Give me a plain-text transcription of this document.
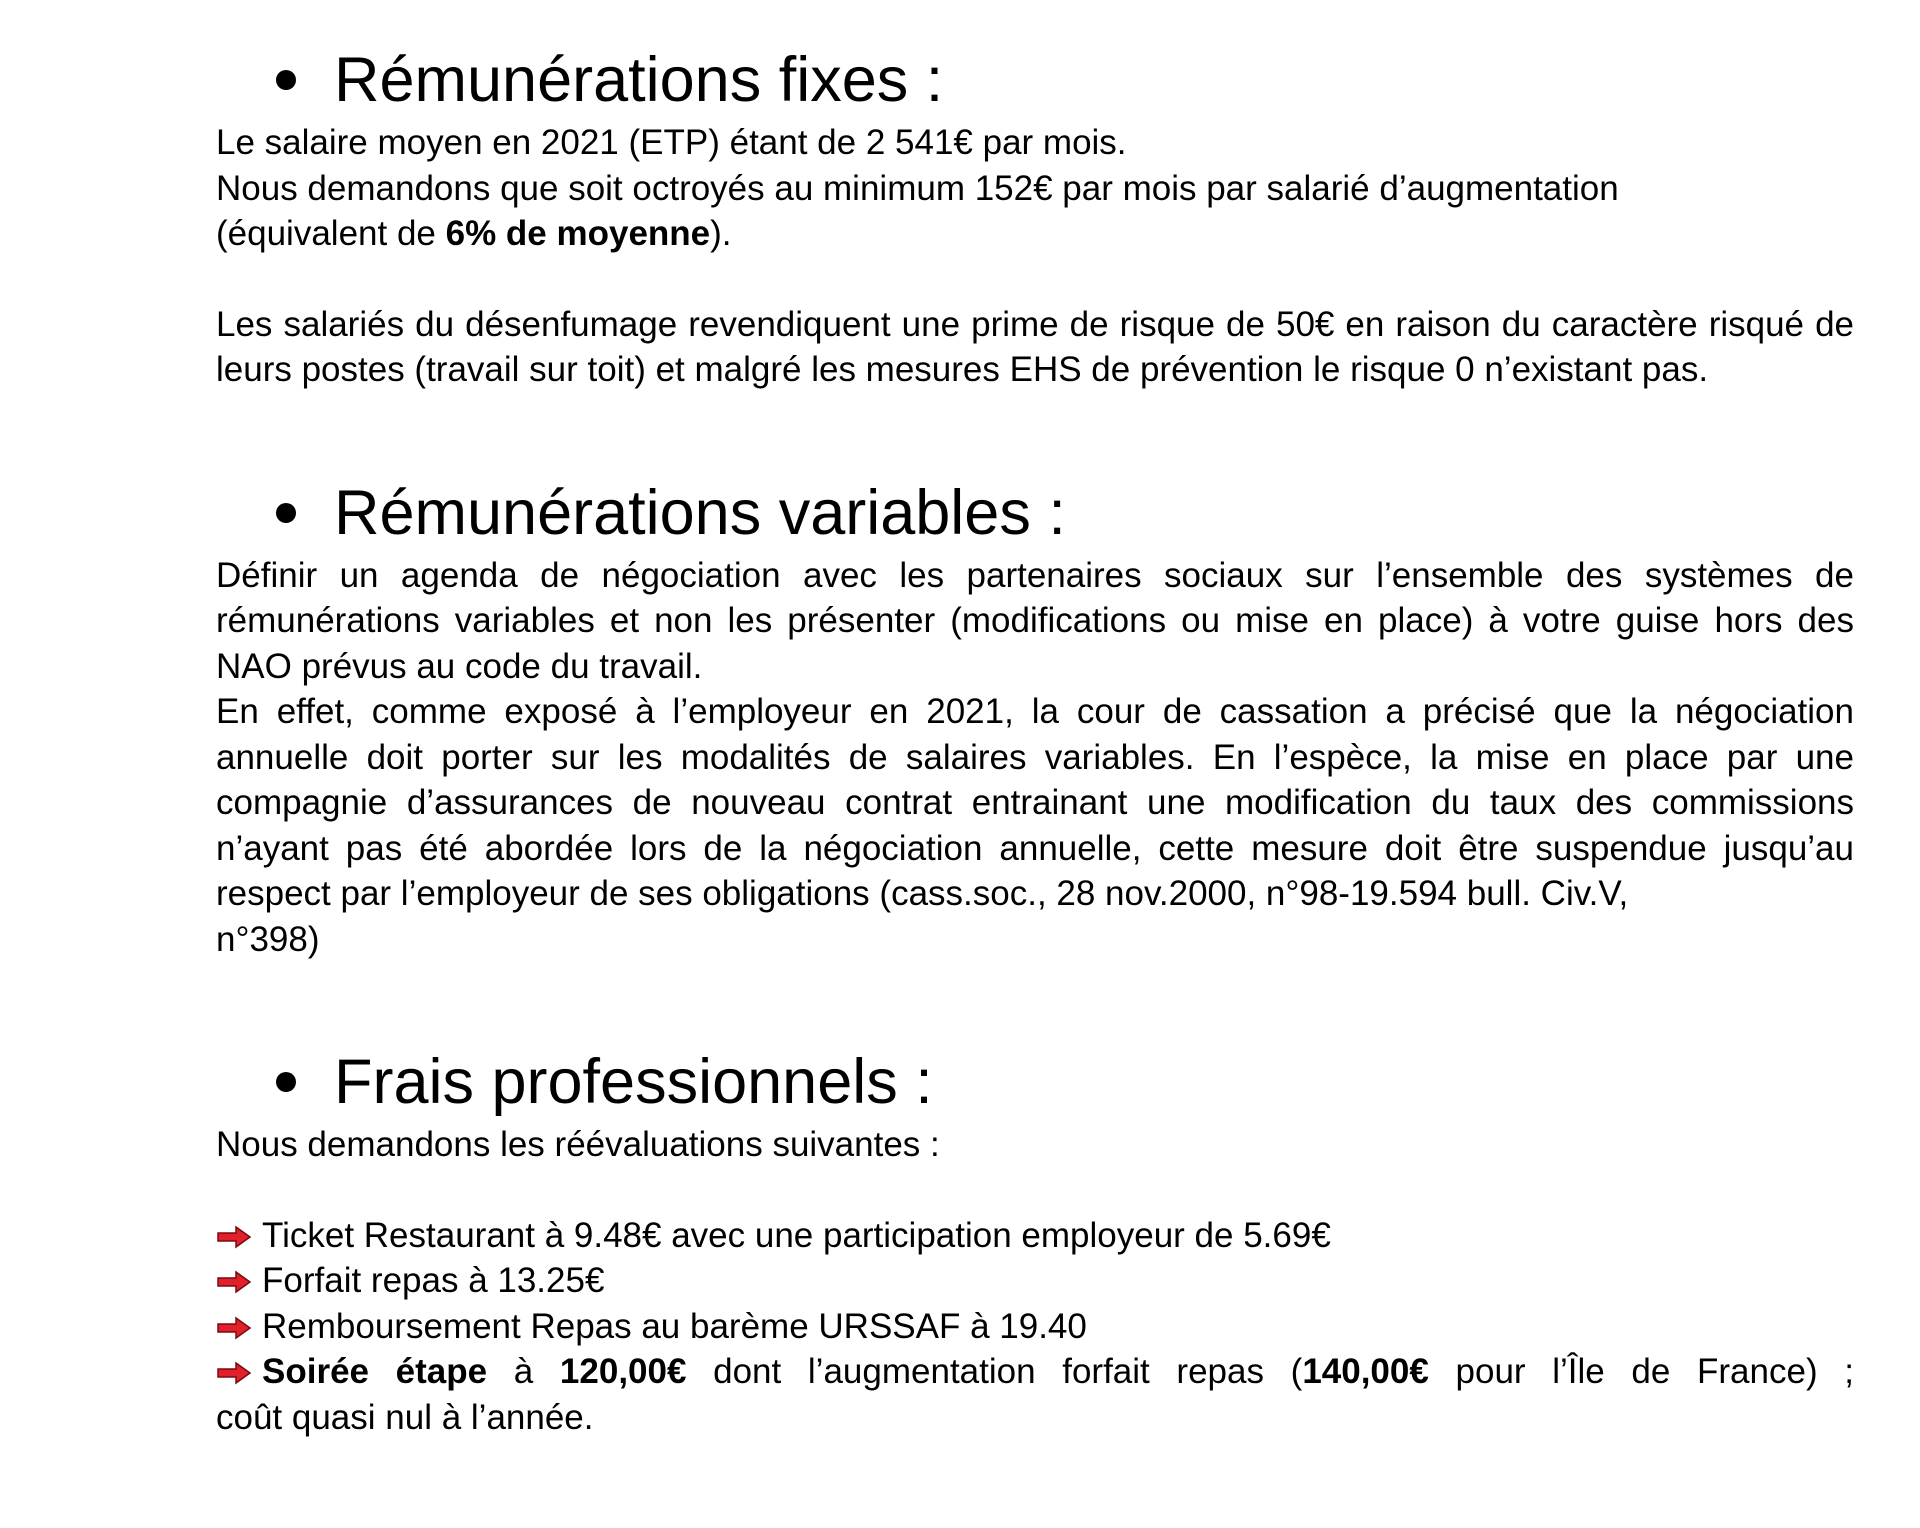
Rémunérations fixes :

Le salaire moyen en 2021 (ETP) étant de 2 541€ par mois.

Nous demandons que soit octroyés au minimum 152€ par mois par salarié d’augmentation

(équivalent de 6% de moyenne).

Les salariés du désenfumage revendiquent une prime de risque de 50€ en raison du caractère risqué de leurs postes (travail sur toit) et malgré les mesures EHS de prévention le risque 0 n’existant pas.

Rémunérations variables :

Définir un agenda de négociation avec les partenaires sociaux sur l’ensemble des systèmes de rémunérations variables et non les présenter (modifications ou mise en place) à votre guise hors des NAO prévus au code du travail.

En effet, comme exposé à l’employeur en 2021, la cour de cassation a précisé que la négociation annuelle doit porter sur les modalités de salaires variables. En l’espèce, la mise en place par une compagnie d’assurances de nouveau contrat entrainant une modification du taux des commissions n’ayant pas été abordée lors de la négociation annuelle, cette mesure doit être suspendue jusqu’au respect par l’employeur de ses obligations (cass.soc., 28 nov.2000, n°98-19.594 bull. Civ.V,

n°398)

Frais professionnels :

Nous demandons les réévaluations suivantes :

Ticket Restaurant à 9.48€ avec une participation employeur de 5.69€
Forfait repas à 13.25€
Remboursement Repas au barème URSSAF à 19.40
Soirée étape à 120,00€ dont l’augmentation forfait repas (140,00€ pour l’Île de France) ;

coût quasi nul à l’année.
